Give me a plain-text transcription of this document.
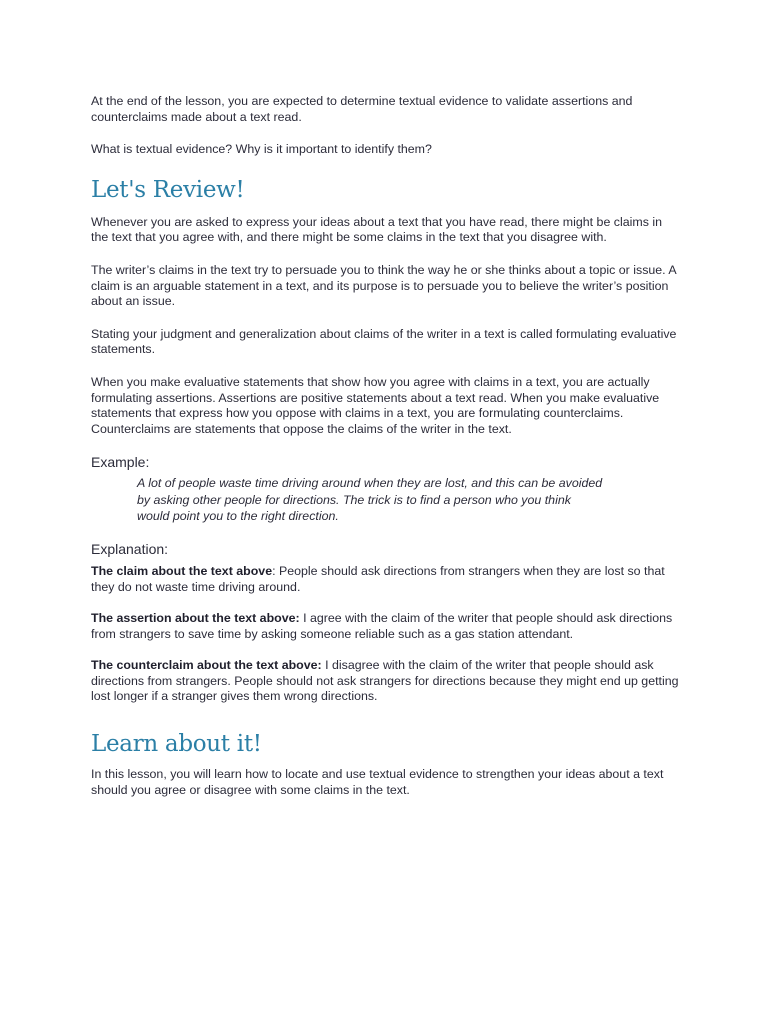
At the end of the lesson, you are expected to determine textual evidence to validate assertions and counterclaims made about a text read.

What is textual evidence? Why is it important to identify them?

Let's Review!

Whenever you are asked to express your ideas about a text that you have read, there might be claims in the text that you agree with, and there might be some claims in the text that you disagree with.

The writer’s claims in the text try to persuade you to think the way he or she thinks about a topic or issue. A claim is an arguable statement in a text, and its purpose is to persuade you to believe the writer’s position about an issue.

Stating your judgment and generalization about claims of the writer in a text is called formulating evaluative statements.

When you make evaluative statements that show how you agree with claims in a text, you are actually formulating assertions. Assertions are positive statements about a text read. When you make evaluative statements that express how you oppose with claims in a text, you are formulating counterclaims. Counterclaims are statements that oppose the claims of the writer in the text.

Example:
A lot of people waste time driving around when they are lost, and this can be avoided
by asking other people for directions. The trick is to find a person who you think
would point you to the right direction.
Explanation:

The claim about the text above: People should ask directions from strangers when they are lost so that they do not waste time driving around.

The assertion about the text above: I agree with the claim of the writer that people should ask directions from strangers to save time by asking someone reliable such as a gas station attendant.

The counterclaim about the text above: I disagree with the claim of the writer that people should ask directions from strangers. People should not ask strangers for directions because they might end up getting lost longer if a stranger gives them wrong directions.

Learn about it!

In this lesson, you will learn how to locate and use textual evidence to strengthen your ideas about a text should you agree or disagree with some claims in the text.
